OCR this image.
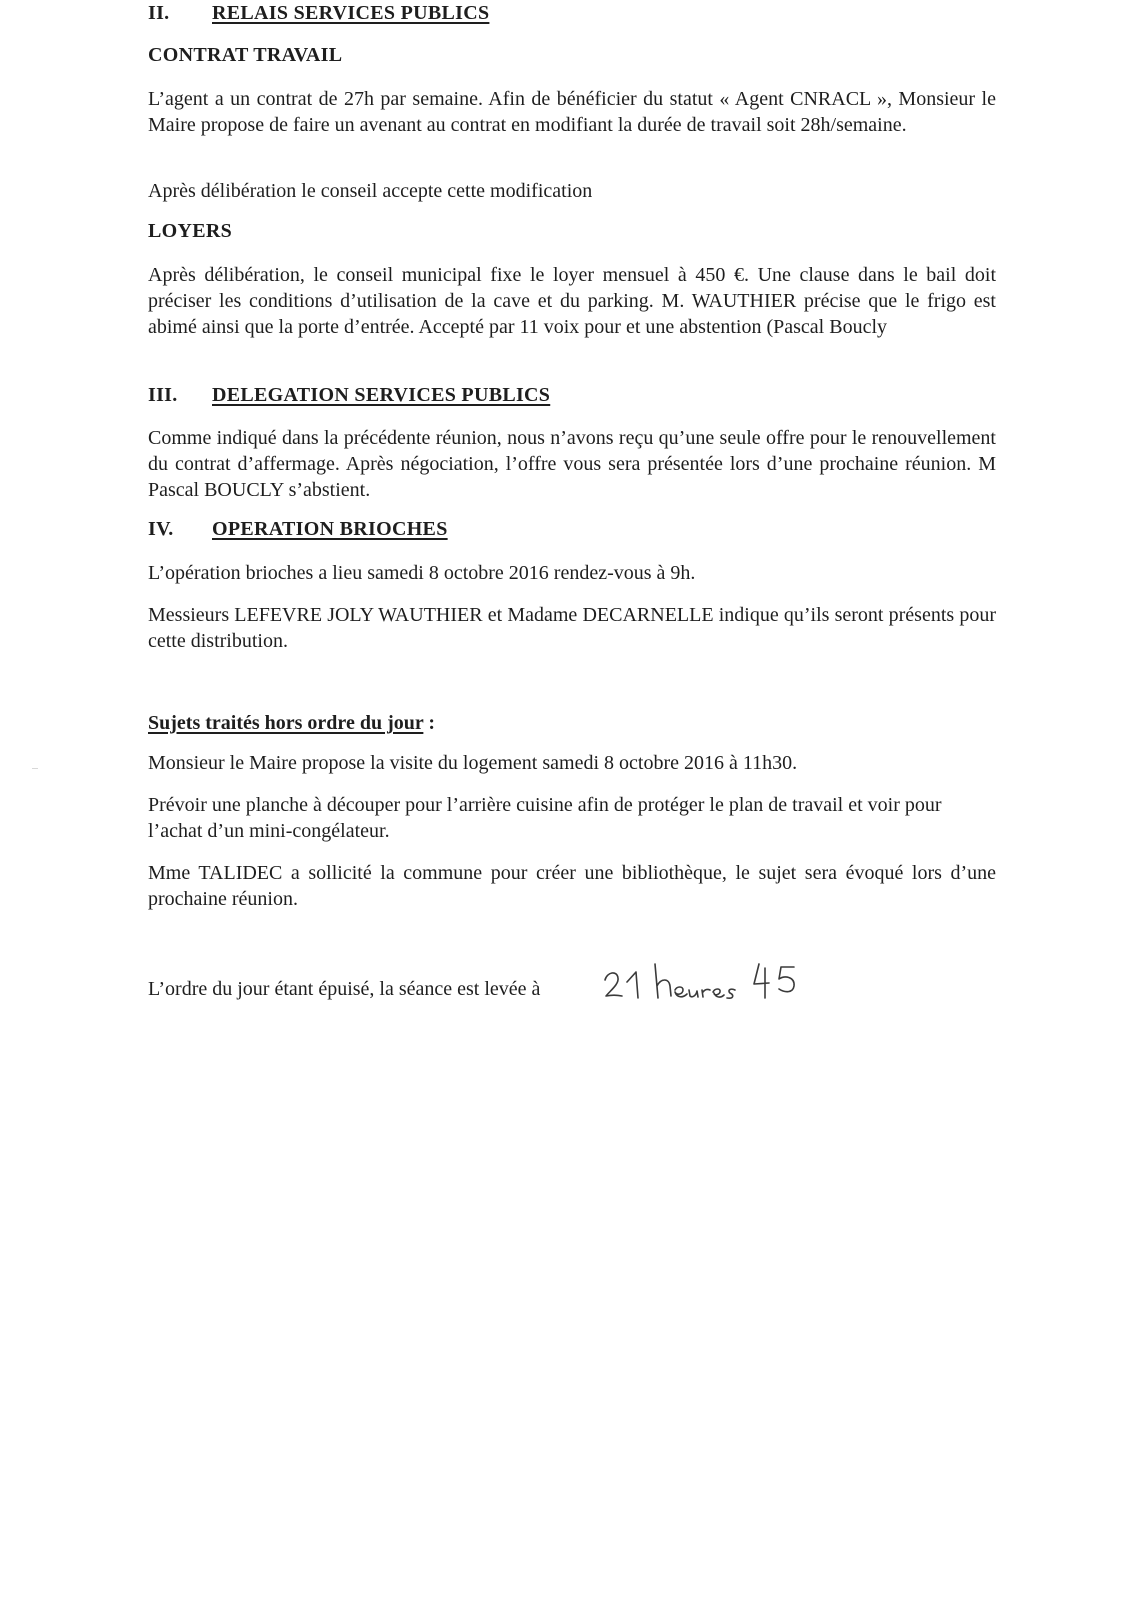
II. RELAIS SERVICES PUBLICS
CONTRAT TRAVAIL
L’agent a un contrat de 27h par semaine. Afin de bénéficier du statut « Agent CNRACL », Monsieur le Maire propose de faire un avenant au contrat en modifiant la durée de travail soit 28h/semaine.
Après délibération le conseil accepte cette modification
LOYERS
Après délibération, le conseil municipal fixe le loyer mensuel à 450 €. Une clause dans le bail doit préciser les conditions d’utilisation de la cave et du parking. M. WAUTHIER précise que le frigo est abimé ainsi que la porte d’entrée. Accepté par 11 voix pour et une abstention (Pascal Boucly
III. DELEGATION SERVICES PUBLICS
Comme indiqué dans la précédente réunion, nous n’avons reçu qu’une seule offre pour le renouvellement du contrat d’affermage. Après négociation, l’offre vous sera présentée lors d’une prochaine réunion. M Pascal BOUCLY s’abstient.
IV. OPERATION BRIOCHES
L’opération brioches a lieu samedi 8 octobre 2016 rendez-vous à 9h.
Messieurs LEFEVRE JOLY WAUTHIER et Madame DECARNELLE indique qu’ils seront présents pour cette distribution.
Sujets traités hors ordre du jour :
Monsieur le Maire propose la visite du logement samedi 8 octobre 2016 à 11h30.
Prévoir une planche à découper pour l’arrière cuisine afin de protéger le plan de travail et voir pour l’achat d’un mini-congélateur.
Mme TALIDEC a sollicité la commune pour créer une bibliothèque, le sujet sera évoqué lors d’une prochaine réunion.
L’ordre du jour étant épuisé, la séance est levée à
